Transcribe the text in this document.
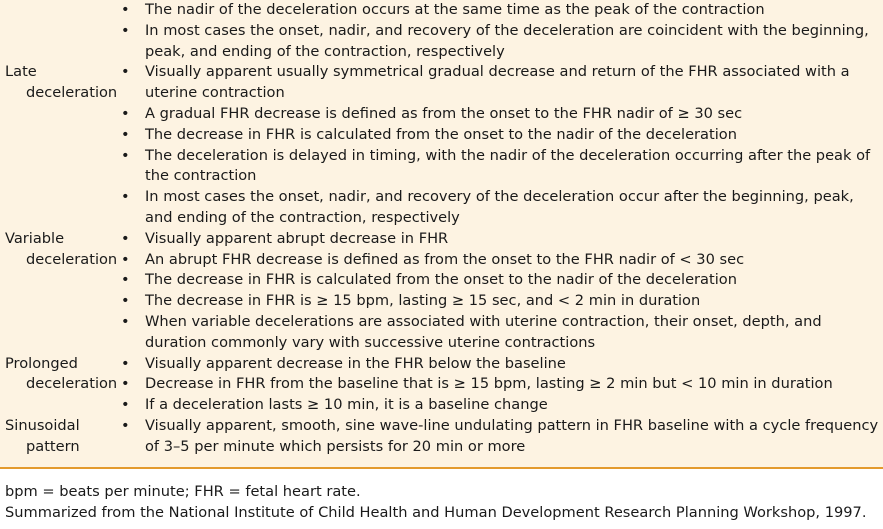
• The nadir of the deceleration occurs at the same time as the peak of the contraction
• In most cases the onset, nadir, and recovery of the deceleration are coincident with the beginning, peak, and ending of the contraction, respectively
Late
deceleration
• Visually apparent usually symmetrical gradual decrease and return of the FHR associated with a uterine contraction
• A gradual FHR decrease is defined as from the onset to the FHR nadir of ≥ 30 sec
• The decrease in FHR is calculated from the onset to the nadir of the deceleration
• The deceleration is delayed in timing, with the nadir of the deceleration occurring after the peak of the contraction
• In most cases the onset, nadir, and recovery of the deceleration occur after the beginning, peak, and ending of the contraction, respectively
Variable
deceleration
• Visually apparent abrupt decrease in FHR
• An abrupt FHR decrease is defined as from the onset to the FHR nadir of < 30 sec
• The decrease in FHR is calculated from the onset to the nadir of the deceleration
• The decrease in FHR is ≥ 15 bpm, lasting ≥ 15 sec, and < 2 min in duration
• When variable decelerations are associated with uterine contraction, their onset, depth, and duration commonly vary with successive uterine contractions
Prolonged
deceleration
• Visually apparent decrease in the FHR below the baseline
• Decrease in FHR from the baseline that is ≥ 15 bpm, lasting ≥ 2 min but < 10 min in duration
• If a deceleration lasts ≥ 10 min, it is a baseline change
Sinusoidal
pattern
• Visually apparent, smooth, sine wave-line undulating pattern in FHR baseline with a cycle frequency of 3–5 per minute which persists for 20 min or more
bpm = beats per minute; FHR = fetal heart rate.
Summarized from the National Institute of Child Health and Human Development Research Planning Workshop, 1997.
